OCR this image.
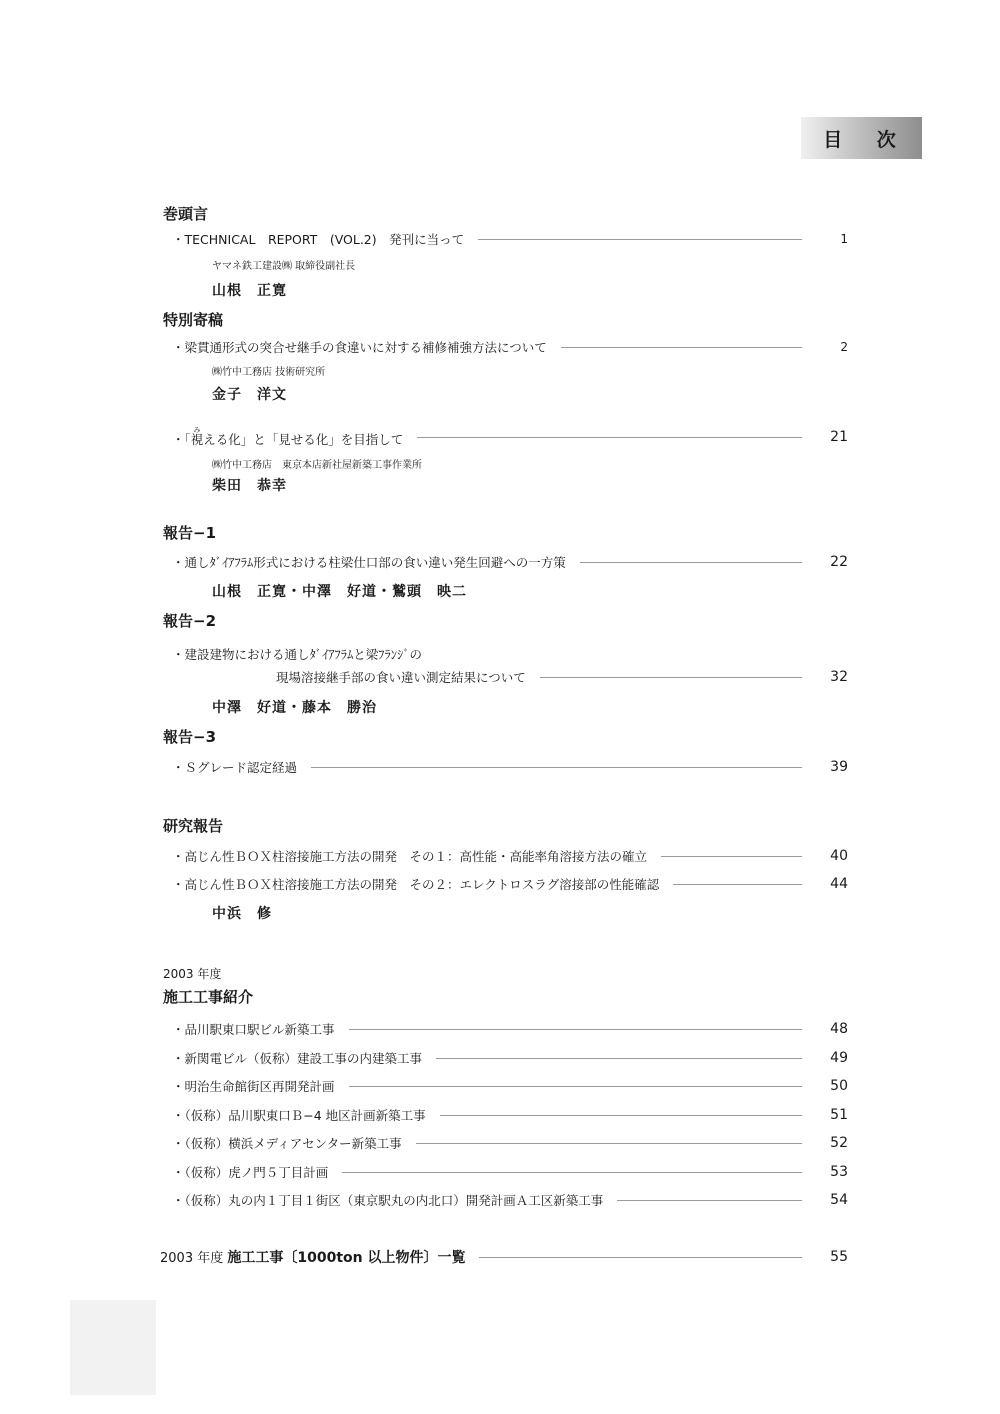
目 次
巻頭言
・TECHNICAL　REPORT　(VOL.2)　発刊に当って	1
ヤマネ鉄工建設㈱ 取締役副社長
山根　正寛
特別寄稿
・梁貫通形式の突合せ継手の食違いに対する補修補強方法について	2
㈱竹中工務店 技術研究所
金子　洋文
・「視みえる化」と「見せる化」を目指して	21
㈱竹中工務店　東京本店新社屋新築工事作業所
柴田　恭幸
報告−1
・通しﾀﾞｲｱﾌﾗﾑ形式における柱梁仕口部の食い違い発生回避への一方策	22
山根　正寛・中澤　好道・鷲頭　映二
報告−2
・建設建物における通しﾀﾞｲｱﾌﾗﾑと梁ﾌﾗﾝｼﾞの
現場溶接継手部の食い違い測定結果について	32
中澤　好道・藤本　勝治
報告−3
・Ｓグレード認定経過	39
研究報告
・高じん性ＢＯＸ柱溶接施工方法の開発　その１：高性能・高能率角溶接方法の確立	40
・高じん性ＢＯＸ柱溶接施工方法の開発　その２：エレクトロスラグ溶接部の性能確認	44
中浜　修
2003 年度
施工工事紹介
・品川駅東口駅ビル新築工事	48
・新関電ビル（仮称）建設工事の内建築工事	49
・明治生命館街区再開発計画	50
・（仮称）品川駅東口Ｂ−4 地区計画新築工事	51
・（仮称）横浜メディアセンター新築工事	52
・（仮称）虎ノ門５丁目計画	53
・（仮称）丸の内１丁目１街区（東京駅丸の内北口）開発計画Ａ工区新築工事	54
2003 年度 施工工事〔1000ton 以上物件〕一覧	55
